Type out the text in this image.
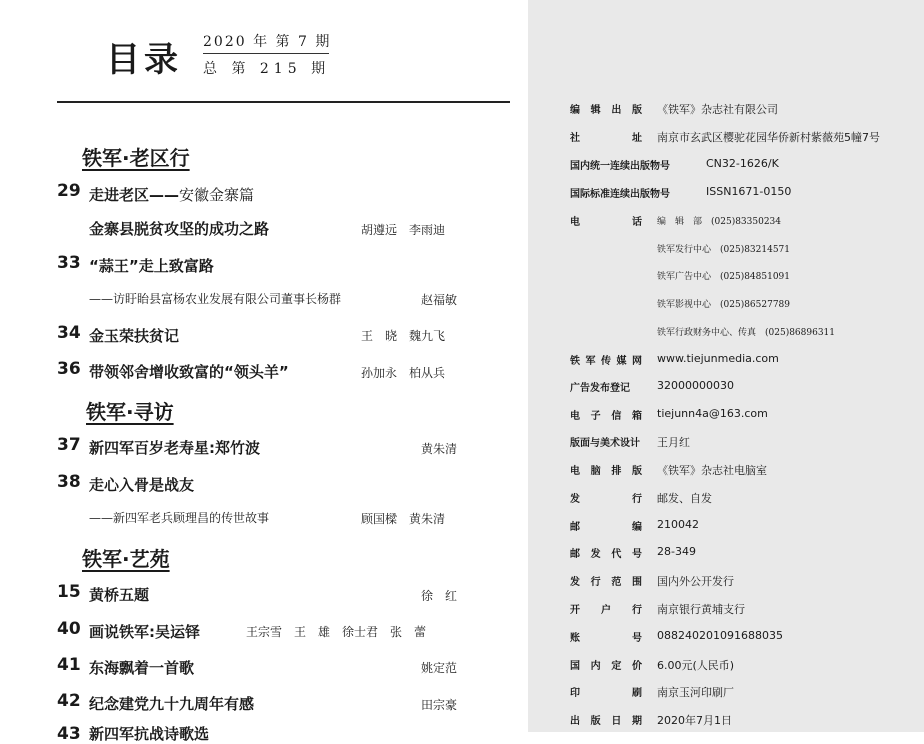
目录 2020 年 第 7 期
总 第 215 期
铁军·老区行
29 走进老区——安徽金寨篇
金寨县脱贫攻坚的成功之路	胡遵远　李雨迪
33 “蒜王”走上致富路
——访盱眙县富杨农业发展有限公司董事长杨群	赵福敏
34 金玉荣扶贫记	王　晓　魏九飞
36 带领邻舍增收致富的“领头羊”	孙加永　柏从兵
铁军·寻访
37 新四军百岁老寿星:郑竹波	黄朱清
38 走心入骨是战友
——新四军老兵顾理昌的传世故事	顾国樑　黄朱清
铁军·艺苑
15 黄桥五题	徐　红
40 画说铁军:吴运铎	王宗雪　王　雄　徐士君　张　蕾
41 东海飘着一首歌	姚定范
42 纪念建党九十九周年有感	田宗豪
43 新四军抗战诗歌选
编 辑 出 版 《铁军》杂志社有限公司
社	址 南京市玄武区樱驼花园华侨新村紫薇苑5幢7号
国内统一连续出版物号	CN32-1626/K
国际标准连续出版物号	ISSN1671-0150
电	话 编　辑　部　(025)83350234
铁军发行中心　(025)83214571
铁军广告中心　(025)84851091
铁军影视中心　(025)86527789
铁军行政财务中心、传真　(025)86896311
铁 军 传 媒 网 www.tiejunmedia.com
广告发布登记 32000000030
电 子 信 箱 tiejunn4a@163.com
版面与美术设计 王月红
电 脑 排 版 《铁军》杂志社电脑室
发	行 邮发、自发
邮	编 210042
邮 发 代 号 28-349
发 行 范 围 国内外公开发行
开 户 行 南京银行黄埔支行
账	号 088240201091688035
国 内 定 价 6.00元(人民币)
印	刷 南京玉河印刷厂
出 版 日 期 2020年7月1日
